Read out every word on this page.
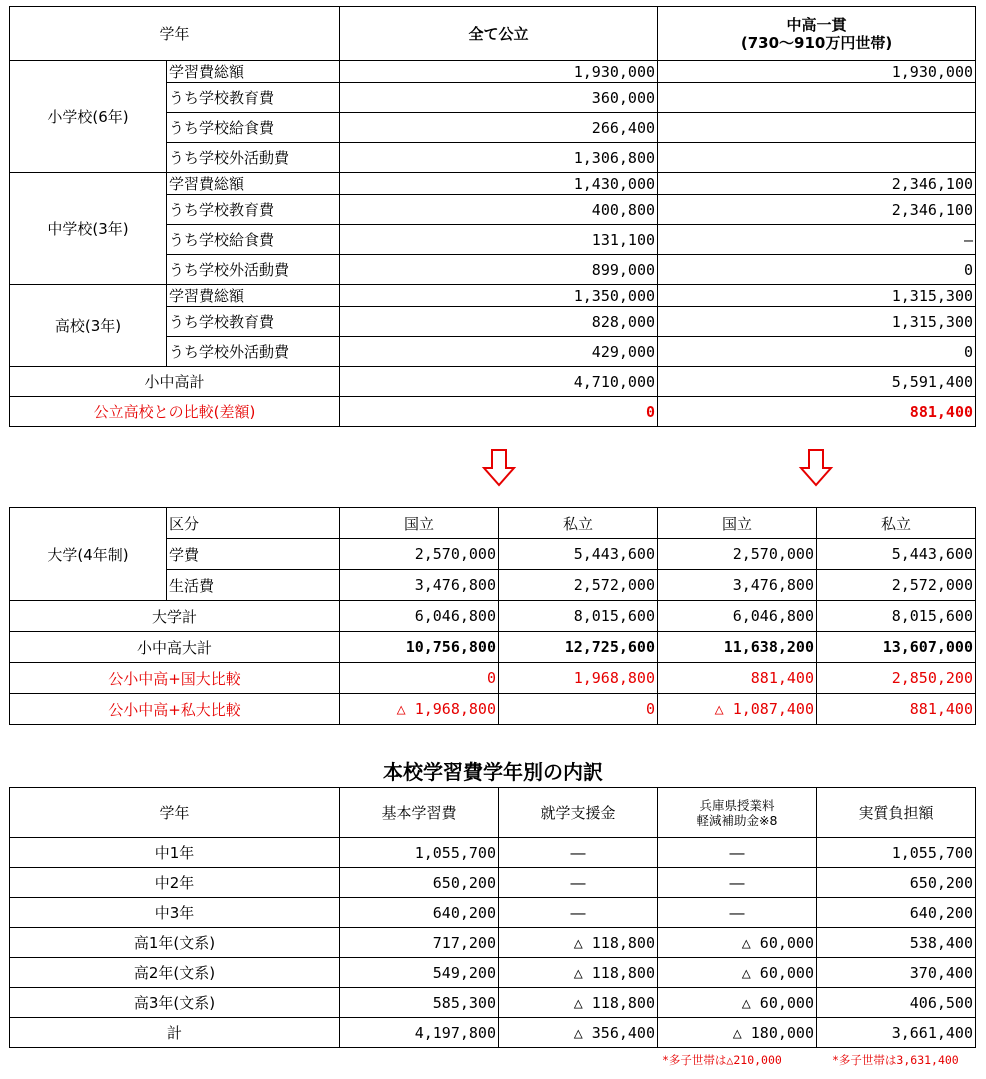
学年		全て公立	中高一貫
(730～910万円世帯)

小学校(6年)	学習費総額	1,930,000	1,930,000
	うち学校教育費	360,000	
	うち学校給食費	266,400	
	うち学校外活動費	1,306,800	
中学校(3年)	学習費総額	1,430,000	2,346,100
	うち学校教育費	400,800	2,346,100
	うち学校給食費	131,100	―
	うち学校外活動費	899,000	0
高校(3年)	学習費総額	1,350,000	1,315,300
	うち学校教育費	828,000	1,315,300
	うち学校外活動費	429,000	0
小中高計		4,710,000	5,591,400
公立高校との比較(差額)		0	881,400
大学(4年制)	区分	国立	私立	国立	私立
	学費	2,570,000	5,443,600	2,570,000	5,443,600
	生活費	3,476,800	2,572,000	3,476,800	2,572,000
大学計		6,046,800	8,015,600	6,046,800	8,015,600
小中高大計		10,756,800	12,725,600	11,638,200	13,607,000
公小中高+国大比較		0	1,968,800	881,400	2,850,200
公小中高+私大比較		△ 1,968,800	0	△ 1,087,400	881,400
本校学習費学年別の内訳
学年	基本学習費	就学支援金	兵庫県授業料
軽減補助金※8	実質負担額
中1年	1,055,700	―	―	1,055,700
中2年	650,200	―	―	650,200
中3年	640,200	―	―	640,200
高1年(文系)	717,200	△ 118,800	△ 60,000	538,400
高2年(文系)	549,200	△ 118,800	△ 60,000	370,400
高3年(文系)	585,300	△ 118,800	△ 60,000	406,500
計	4,197,800	△ 356,400	△ 180,000	3,661,400
*多子世帯は△210,000	*多子世帯は3,631,400
